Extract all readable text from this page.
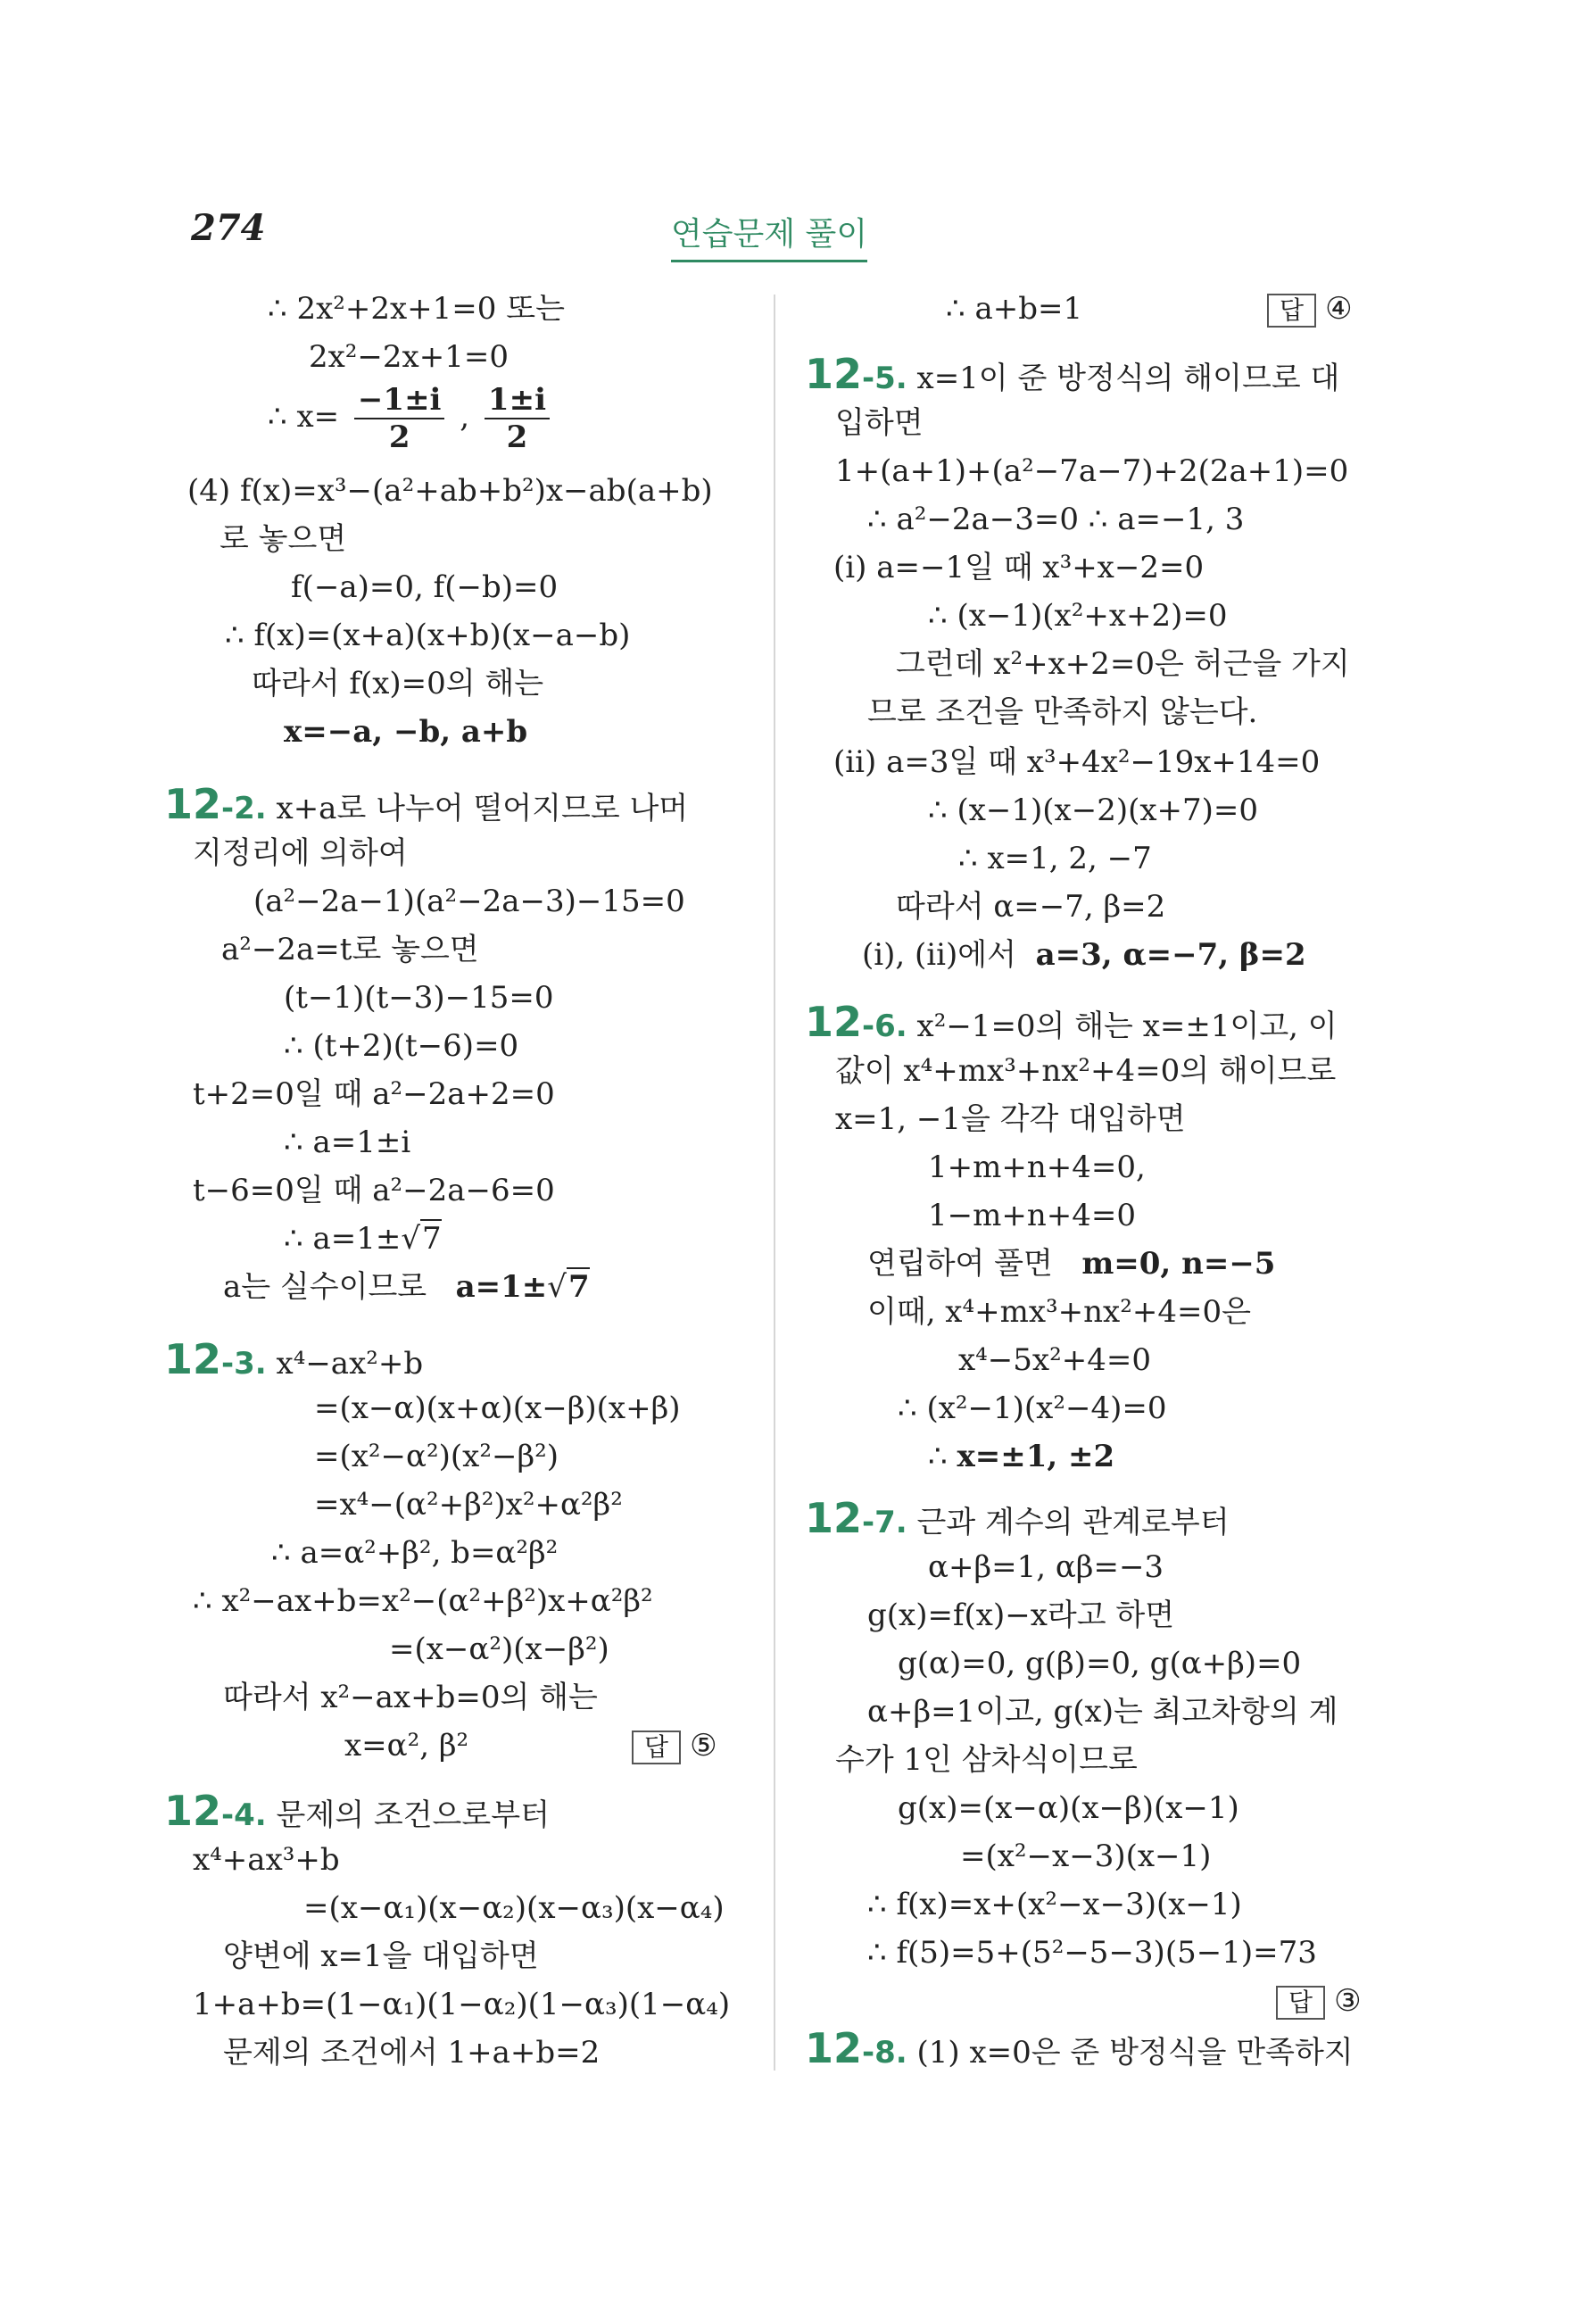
274	연습문제 풀이
∴ 2x²+2x+1=0 또는
2x²−2x+1=0
∴ $x= \frac{-1\pm i}{2}$ , $\frac{1\pm i}{2}$
(4) f(x)=x³−(a²+ab+b²)x−ab(a+b)
로 놓으면
f(−a)=0, f(−b)=0
∴ f(x)=(x+a)(x+b)(x−a−b)
따라서 f(x)=0의 해는
x=−a, −b, a+b
12-2. x+a로 나누어 떨어지므로 나머
지정리에 의하여
(a²−2a−1)(a²−2a−3)−15=0
a²−2a=t로 놓으면
(t−1)(t−3)−15=0
∴ (t+2)(t−6)=0
t+2=0일 때 a²−2a+2=0
∴ a=1±i
t−6=0일 때 a²−2a−6=0
∴ a=1±√7
a는 실수이므로 a=1±√7
12-3. x⁴−ax²+b
=(x−α)(x+α)(x−β)(x+β)
=(x²−α²)(x²−β²)
=x⁴−(α²+β²)x²+α²β²
∴ a=α²+β², b=α²β²
∴ x²−ax+b=x²−(α²+β²)x+α²β²
=(x−α²)(x−β²)
따라서 x²−ax+b=0의 해는
x=α², β²	답 ⑤
12-4. 문제의 조건으로부터
x⁴+ax³+b
=(x−α₁)(x−α₂)(x−α₃)(x−α₄)
양변에 x=1을 대입하면
1+a+b=(1−α₁)(1−α₂)(1−α₃)(1−α₄)
문제의 조건에서 1+a+b=2
∴ a+b=1	답 ④
12-5. x=1이 준 방정식의 해이므로 대
입하면
1+(a+1)+(a²−7a−7)+2(2a+1)=0
∴ a²−2a−3=0 ∴ a=−1, 3
(i) a=−1일 때 x³+x−2=0
∴ (x−1)(x²+x+2)=0
그런데 x²+x+2=0은 허근을 가지
므로 조건을 만족하지 않는다.
(ii) a=3일 때 x³+4x²−19x+14=0
∴ (x−1)(x−2)(x+7)=0
∴ x=1, 2, −7
따라서 α=−7, β=2
(i), (ii)에서 a=3, α=−7, β=2
12-6. x²−1=0의 해는 x=±1이고, 이
값이 x⁴+mx³+nx²+4=0의 해이므로
x=1, −1을 각각 대입하면
1+m+n+4=0,
1−m+n+4=0
연립하여 풀면 m=0, n=−5
이때, x⁴+mx³+nx²+4=0은
x⁴−5x²+4=0
∴ (x²−1)(x²−4)=0
∴ x=±1, ±2
12-7. 근과 계수의 관계로부터
α+β=1, αβ=−3
g(x)=f(x)−x라고 하면
g(α)=0, g(β)=0, g(α+β)=0
α+β=1이고, g(x)는 최고차항의 계
수가 1인 삼차식이므로
g(x)=(x−α)(x−β)(x−1)
=(x²−x−3)(x−1)
∴ f(x)=x+(x²−x−3)(x−1)
∴ f(5)=5+(5²−5−3)(5−1)=73
답 ③
12-8. (1) x=0은 준 방정식을 만족하지
